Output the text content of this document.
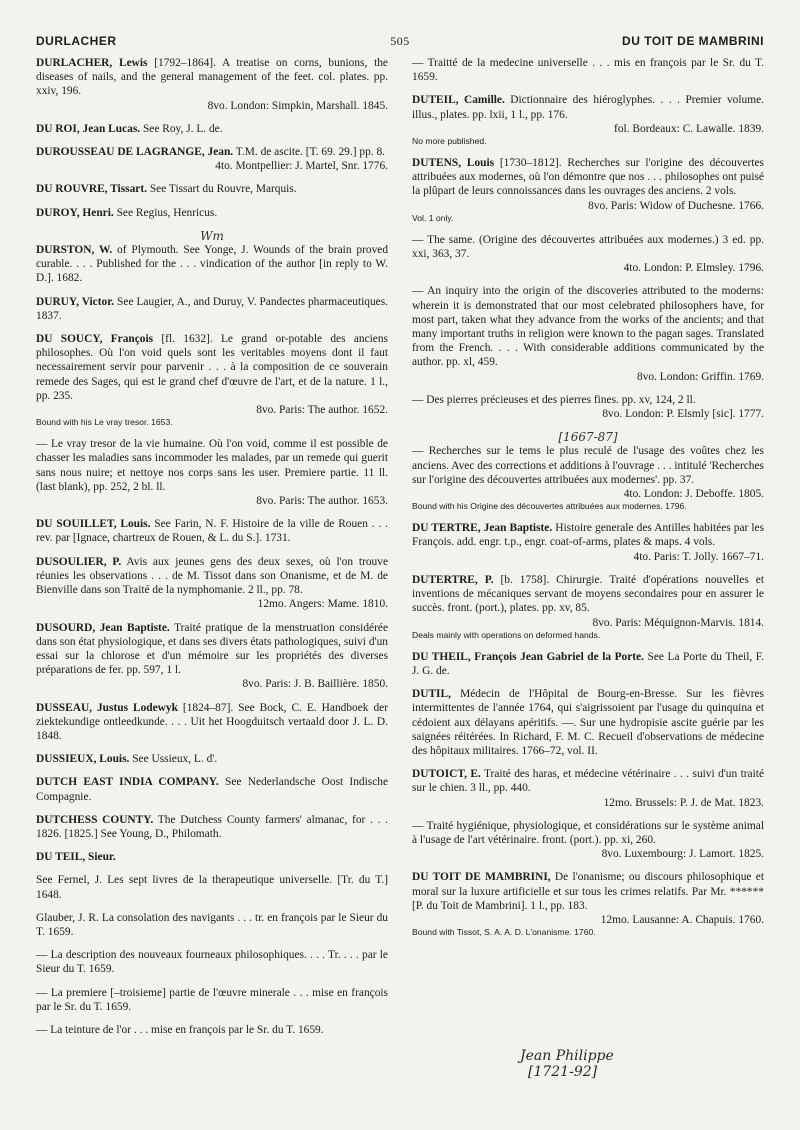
DURLACHER	505	DU TOIT DE MAMBRINI

DURLACHER, Lewis [1792–1864]. A treatise on corns, bunions, the diseases of nails, and the general management of the feet. col. plates. pp. xxiv, 196.

8vo. London: Simpkin, Marshall. 1845.

DU ROI, Jean Lucas. See Roy, J. L. de.

DUROUSSEAU DE LAGRANGE, Jean. T.M. de ascite. [T. 69. 29.] pp. 8.

4to. Montpellier: J. Martel, Snr. 1776.

DU ROUVRE, Tissart. See Tissart du Rouvre, Marquis.

DUROY, Henri. See Regius, Henricus.

Wm

DURSTON, W. of Plymouth. See Yonge, J. Wounds of the brain proved curable. . . . Published for the . . . vindication of the author [in reply to W. D.]. 1682.

DURUY, Victor. See Laugier, A., and Duruy, V. Pandectes pharmaceutiques. 1837.

DU SOUCY, François [fl. 1632]. Le grand or-potable des anciens philosophes. Où l'on void quels sont les veritables moyens dont il faut necessairement servir pour parvenir . . . à la composition de ce souverain remede des Sages, qui est le grand chef d'œuvre de l'art, et de la nature. 1 l., pp. 235.

8vo. Paris: The author. 1652.

Bound with his Le vray tresor. 1653.

— Le vray tresor de la vie humaine. Où l'on void, comme il est possible de chasser les maladies sans incommoder les malades, par un remede qui guerit sans nous nuire; et nettoye nos corps sans les user. Premiere partie. 11 ll. (last blank), pp. 252, 2 bl. ll.

8vo. Paris: The author. 1653.

DU SOUILLET, Louis. See Farin, N. F. Histoire de la ville de Rouen . . . rev. par [Ignace, chartreux de Rouen, & L. du S.]. 1731.

DUSOULIER, P. Avis aux jeunes gens des deux sexes, où l'on trouve réunies les observations . . . de M. Tissot dans son Onanisme, et de M. de Bienville dans son Traité de la nymphomanie. 2 ll., pp. 78.

12mo. Angers: Mame. 1810.

DUSOURD, Jean Baptiste. Traité pratique de la menstruation considérée dans son état physiologique, et dans ses divers états pathologiques, suivi d'un essai sur la chlorose et d'un mémoire sur les propriétés des diverses préparations de fer. pp. 597, 1 l.

8vo. Paris: J. B. Baillière. 1850.

DUSSEAU, Justus Lodewyk [1824–87]. See Bock, C. E. Handboek der ziektekundige ontleedkunde. . . . Uit het Hoogduitsch vertaald door J. L. D. 1848.

DUSSIEUX, Louis. See Ussieux, L. d'.

DUTCH EAST INDIA COMPANY. See Nederlandsche Oost Indische Compagnie.

DUTCHESS COUNTY. The Dutchess County farmers' almanac, for . . . 1826. [1825.] See Young, D., Philomath.

DU TEIL, Sieur.

See Fernel, J. Les sept livres de la therapeutique universelle. [Tr. du T.] 1648.

Glauber, J. R. La consolation des navigants . . . tr. en françois par le Sieur du T. 1659.

— La description des nouveaux fourneaux philosophiques. . . . Tr. . . . par le Sieur du T. 1659.

— La premiere [–troisieme] partie de l'œuvre minerale . . . mise en françois par le Sr. du T. 1659.

— La teinture de l'or . . . mise en françois par le Sr. du T. 1659.

— Traitté de la medecine universelle . . . mis en françois par le Sr. du T. 1659.

DUTEIL, Camille. Dictionnaire des hiéroglyphes. . . . Premier volume. illus., plates. pp. lxii, 1 l., pp. 176.

fol. Bordeaux: C. Lawalle. 1839.

No more published.

DUTENS, Louis [1730–1812]. Recherches sur l'origine des découvertes attribuées aux modernes, où l'on démontre que nos . . . philosophes ont puisé la plûpart de leurs connoissances dans les ouvrages des anciens. 2 vols.

8vo. Paris: Widow of Duchesne. 1766.

Vol. 1 only.

— The same. (Origine des découvertes attribuées aux modernes.) 3 ed. pp. xxi, 363, 37.

4to. London: P. Elmsley. 1796.

— An inquiry into the origin of the discoveries attributed to the moderns: wherein it is demonstrated that our most celebrated philosophers have, for most part, taken what they advance from the works of the ancients; and that many important truths in religion were known to the pagan sages. Translated from the French. . . . With considerable additions communicated by the author. pp. xl, 459.

8vo. London: Griffin. 1769.

— Des pierres précieuses et des pierres fines. pp. xv, 124, 2 ll.

8vo. London: P. Elsmly [sic]. 1777.

[1667-87]

— Recherches sur le tems le plus reculé de l'usage des voûtes chez les anciens. Avec des corrections et additions à l'ouvrage . . . intitulé 'Recherches sur l'origine des découvertes attribuées aux modernes'. pp. 37.

4to. London: J. Deboffe. 1805.

Bound with his Origine des découvertes attribuées aux modernes. 1796.

DU TERTRE, Jean Baptiste. Histoire generale des Antilles habitées par les François. add. engr. t.p., engr. coat-of-arms, plates & maps. 4 vols.

4to. Paris: T. Jolly. 1667–71.

DUTERTRE, P. [b. 1758]. Chirurgie. Traité d'opérations nouvelles et inventions de mécaniques servant de moyens secondaires pour en assurer le succès. front. (port.), plates. pp. xv, 85.

8vo. Paris: Méquignon-Marvis. 1814.

Deals mainly with operations on deformed hands.

DU THEIL, François Jean Gabriel de la Porte. See La Porte du Theil, F. J. G. de.

DUTIL, Médecin de l'Hôpital de Bourg-en-Bresse. Sur les fièvres intermittentes de l'année 1764, qui s'aigrissoient par l'usage du quinquina et cédoient aux délayans apéritifs. —. Sur une hydropisie ascite guérie par les saignées réitérées. In Richard, F. M. C. Recueil d'observations de médecine des hôpitaux militaires. 1766–72, vol. II.

DUTOICT, E. Traité des haras, et médecine vétérinaire . . . suivi d'un traité sur le chien. 3 ll., pp. 440.

12mo. Brussels: P. J. de Mat. 1823.

— Traité hygiénique, physiologique, et considérations sur le système animal à l'usage de l'art vétérinaire. front. (port.). pp. xi, 260.

8vo. Luxembourg: J. Lamort. 1825.

DU TOIT DE MAMBRINI, De l'onanisme; ou discours philosophique et moral sur la luxure artificielle et sur tous les crimes relatifs. Par Mr. ****** [P. du Toit de Mambrini]. 1 l., pp. 183.

12mo. Lausanne: A. Chapuis. 1760.

Bound with Tissot, S. A. A. D. L'onanisme. 1760.

Jean Philippe
[1721-92]
